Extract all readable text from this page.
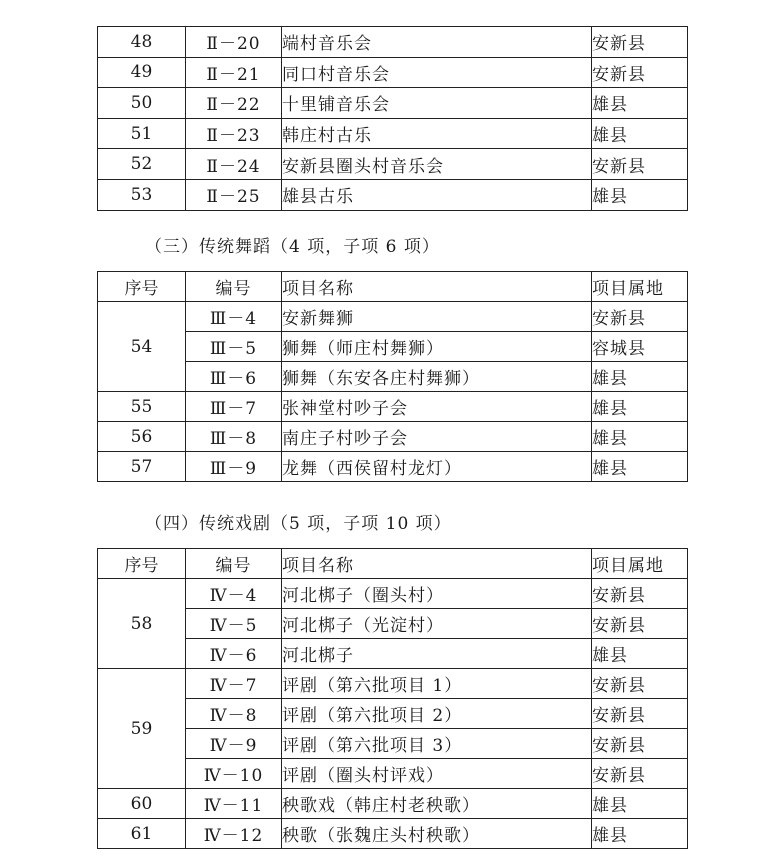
48	Ⅱ－20	端村音乐会	安新县
49	Ⅱ－21	同口村音乐会	安新县
50	Ⅱ－22	十里铺音乐会	雄县
51	Ⅱ－23	韩庄村古乐	雄县
52	Ⅱ－24	安新县圈头村音乐会	安新县
53	Ⅱ－25	雄县古乐	雄县
（三）传统舞蹈（4 项，子项 6 项）
序号	编号	项目名称	项目属地
54	Ⅲ－4	安新舞狮	安新县
	Ⅲ－5	狮舞（师庄村舞狮）	容城县
	Ⅲ－6	狮舞（东安各庄村舞狮）	雄县
55	Ⅲ－7	张神堂村吵子会	雄县
56	Ⅲ－8	南庄子村吵子会	雄县
57	Ⅲ－9	龙舞（西侯留村龙灯）	雄县
（四）传统戏剧（5 项，子项 10 项）
序号	编号	项目名称	项目属地
58	Ⅳ－4	河北梆子（圈头村）	安新县
	Ⅳ－5	河北梆子（光淀村）	安新县
	Ⅳ－6	河北梆子	雄县
59	Ⅳ－7	评剧（第六批项目 1）	安新县
	Ⅳ－8	评剧（第六批项目 2）	安新县
	Ⅳ－9	评剧（第六批项目 3）	安新县
	Ⅳ－10	评剧（圈头村评戏）	安新县
60	Ⅳ－11	秧歌戏（韩庄村老秧歌）	雄县
61	Ⅳ－12	秧歌（张魏庄头村秧歌）	雄县
